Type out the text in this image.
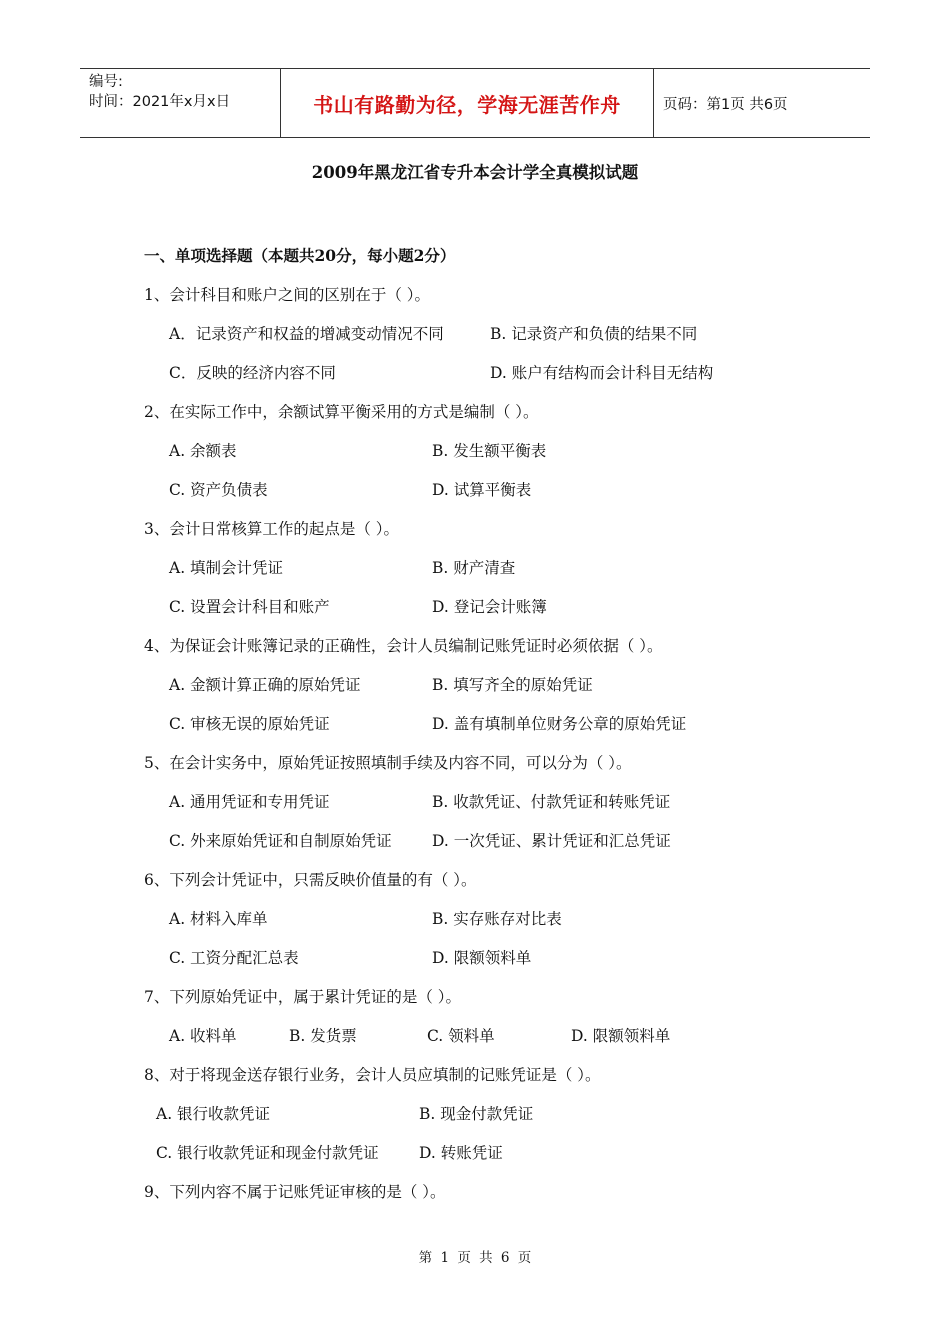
编号:
时间：2021年x月x日	书山有路勤为径，学海无涯苦作舟	页码：第1页 共6页
2009年黑龙江省专升本会计学全真模拟试题
一、单项选择题（本题共20分，每小题2分）
1、会计科目和账户之间的区别在于（ ）。
A．记录资产和权益的增减变动情况不同	B. 记录资产和负债的结果不同
C．反映的经济内容不同	D. 账户有结构而会计科目无结构
2、在实际工作中，余额试算平衡采用的方式是编制（ ）。
A. 余额表	B. 发生额平衡表
C. 资产负债表	D. 试算平衡表
3、会计日常核算工作的起点是（ ）。
A. 填制会计凭证	B. 财产清查
C. 设置会计科目和账产	D. 登记会计账簿
4、为保证会计账簿记录的正确性，会计人员编制记账凭证时必须依据（ ）。
A. 金额计算正确的原始凭证	B. 填写齐全的原始凭证
C. 审核无误的原始凭证	D. 盖有填制单位财务公章的原始凭证
5、在会计实务中，原始凭证按照填制手续及内容不同，可以分为（ ）。
A. 通用凭证和专用凭证	B. 收款凭证、付款凭证和转账凭证
C. 外来原始凭证和自制原始凭证	D. 一次凭证、累计凭证和汇总凭证
6、下列会计凭证中，只需反映价值量的有（ ）。
A. 材料入库单	B. 实存账存对比表
C. 工资分配汇总表	D. 限额领料单
7、下列原始凭证中，属于累计凭证的是（ ）。
A. 收料单	B. 发货票	C. 领料单	D. 限额领料单
8、对于将现金送存银行业务，会计人员应填制的记账凭证是（ ）。
A. 银行收款凭证	B. 现金付款凭证
C. 银行收款凭证和现金付款凭证	D. 转账凭证
9、下列内容不属于记账凭证审核的是（ ）。
第 1 页 共 6 页
